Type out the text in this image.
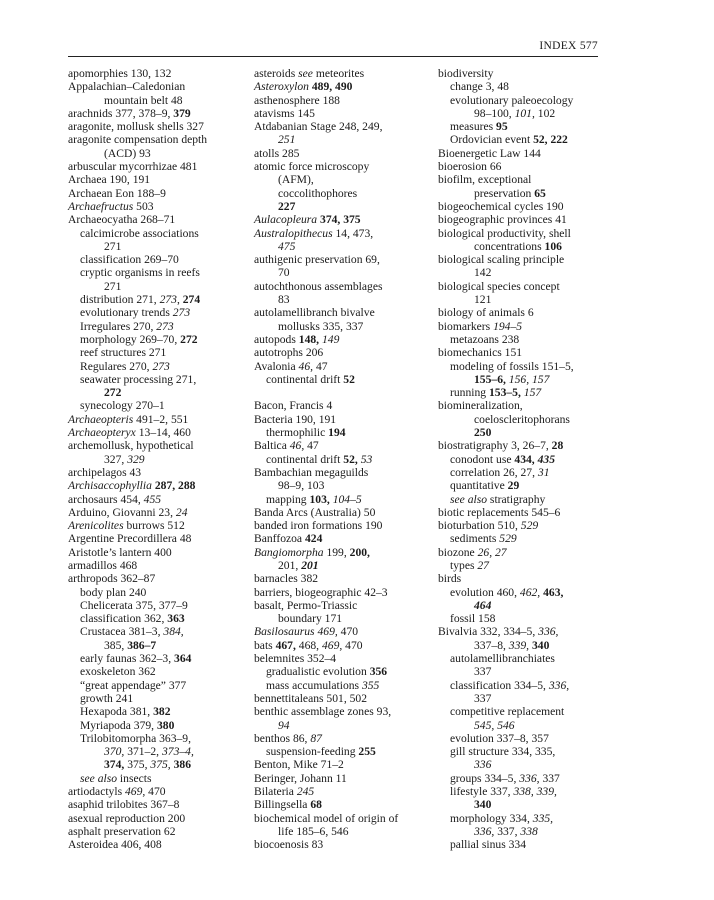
INDEX 577
apomorphies 130, 132
Appalachian–Caledonian
mountain belt 48
arachnids 377, 378–9, 379
aragonite, mollusk shells 327
aragonite compensation depth
(ACD) 93
arbuscular mycorrhizae 481
Archaea 190, 191
Archaean Eon 188–9
Archaefructus 503
Archaeocyatha 268–71
calcimicrobe associations
271
classification 269–70
cryptic organisms in reefs
271
distribution 271, 273, 274
evolutionary trends 273
Irregulares 270, 273
morphology 269–70, 272
reef structures 271
Regulares 270, 273
seawater processing 271,
272
synecology 270–1
Archaeopteris 491–2, 551
Archaeopteryx 13–14, 460
archemollusk, hypothetical
327, 329
archipelagos 43
Archisaccophyllia 287, 288
archosaurs 454, 455
Arduino, Giovanni 23, 24
Arenicolites burrows 512
Argentine Precordillera 48
Aristotle’s lantern 400
armadillos 468
arthropods 362–87
body plan 240
Chelicerata 375, 377–9
classification 362, 363
Crustacea 381–3, 384,
385, 386–7
early faunas 362–3, 364
exoskeleton 362
“great appendage” 377
growth 241
Hexapoda 381, 382
Myriapoda 379, 380
Trilobitomorpha 363–9,
370, 371–2, 373–4,
374, 375, 375, 386
see also insects
artiodactyls 469, 470
asaphid trilobites 367–8
asexual reproduction 200
asphalt preservation 62
Asteroidea 406, 408
asteroids see meteorites
Asteroxylon 489, 490
asthenosphere 188
atavisms 145
Atdabanian Stage 248, 249,
251
atolls 285
atomic force microscopy
(AFM),
coccolithophores
227
Aulacopleura 374, 375
Australopithecus 14, 473,
475
authigenic preservation 69,
70
autochthonous assemblages
83
autolamellibranch bivalve
mollusks 335, 337
autopods 148, 149
autotrophs 206
Avalonia 46, 47
continental drift 52
Bacon, Francis 4
Bacteria 190, 191
thermophilic 194
Baltica 46, 47
continental drift 52, 53
Bambachian megaguilds
98–9, 103
mapping 103, 104–5
Banda Arcs (Australia) 50
banded iron formations 190
Banffozoa 424
Bangiomorpha 199, 200,
201, 201
barnacles 382
barriers, biogeographic 42–3
basalt, Permo-Triassic
boundary 171
Basilosaurus 469, 470
bats 467, 468, 469, 470
belemnites 352–4
gradualistic evolution 356
mass accumulations 355
bennettitaleans 501, 502
benthic assemblage zones 93,
94
benthos 86, 87
suspension-feeding 255
Benton, Mike 71–2
Beringer, Johann 11
Bilateria 245
Billingsella 68
biochemical model of origin of
life 185–6, 546
biocoenosis 83
biodiversity
change 3, 48
evolutionary paleoecology
98–100, 101, 102
measures 95
Ordovician event 52, 222
Bioenergetic Law 144
bioerosion 66
biofilm, exceptional
preservation 65
biogeochemical cycles 190
biogeographic provinces 41
biological productivity, shell
concentrations 106
biological scaling principle
142
biological species concept
121
biology of animals 6
biomarkers 194–5
metazoans 238
biomechanics 151
modeling of fossils 151–5,
155–6, 156, 157
running 153–5, 157
biomineralization,
coeloscleritophorans
250
biostratigraphy 3, 26–7, 28
conodont use 434, 435
correlation 26, 27, 31
quantitative 29
see also stratigraphy
biotic replacements 545–6
bioturbation 510, 529
sediments 529
biozone 26, 27
types 27
birds
evolution 460, 462, 463,
464
fossil 158
Bivalvia 332, 334–5, 336,
337–8, 339, 340
autolamellibranchiates
337
classification 334–5, 336,
337
competitive replacement
545, 546
evolution 337–8, 357
gill structure 334, 335,
336
groups 334–5, 336, 337
lifestyle 337, 338, 339,
340
morphology 334, 335,
336, 337, 338
pallial sinus 334
